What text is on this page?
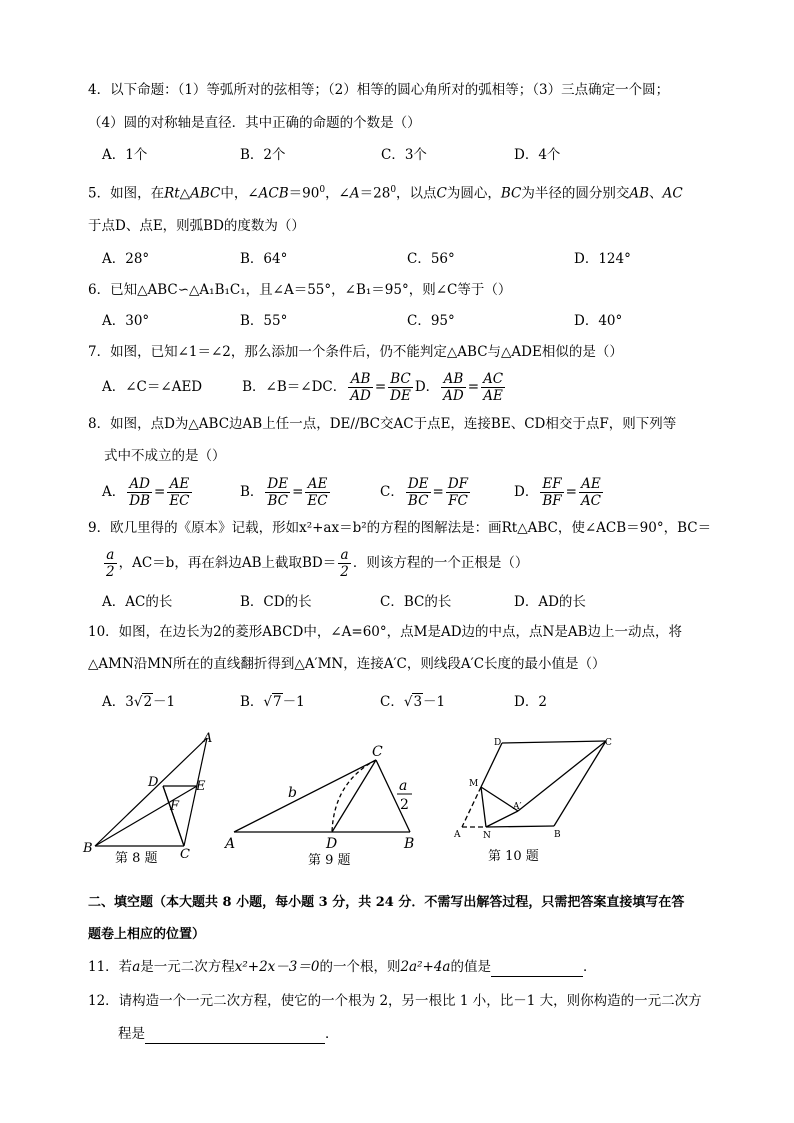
4．以下命题：（1）等弧所对的弦相等；（2）相等的圆心角所对的弧相等；（3）三点确定一个圆；
（4）圆的对称轴是直径．其中正确的命题的个数是（）
A．1个	B．2个	C．3个	D．4个
5．如图，在Rt△ABC中，$\angle ACB=90^0$，$\angle A=28^0$，以点C为圆心，BC为半径的圆分别交AB、AC
于点D、点E，则弧BD的度数为（）
A．28°	B．64°	C．56°	D．124°
6．已知△ABC∽△A₁B₁C₁，且∠A＝55°，∠B₁＝95°，则∠C等于（）
A．30°	B．55°	C．95°	D．40°
7．如图，已知∠1＝∠2，那么添加一个条件后，仍不能判定△ABC与△ADE相似的是（）
A．∠C＝∠AED	B．∠B＝∠DC． $\frac{AB}{AD} = \frac{BC}{DE}$ D． $\frac{AB}{AD} = \frac{AC}{AE}$
8．如图，点D为△ABC边AB上任一点，DE//BC交AC于点E，连接BE、CD相交于点F，则下列等
式中不成立的是（）
A． $\frac{AD}{DB} = \frac{AE}{EC}$	B． $\frac{DE}{BC} = \frac{AE}{EC}$	C． $\frac{DE}{BC} = \frac{DF}{FC}$	D． $\frac{EF}{BF} = \frac{AE}{AC}$
9．欧几里得的《原本》记载，形如x²+ax＝b²的方程的图解法是：画Rt△ABC，使∠ACB＝90°，BC＝
$\frac{a}{2}$ ，AC＝b，再在斜边AB上截取$BD= \frac{a}{2}$ ．则该方程的一个正根是（）
A．AC的长	B．CD的长	C．BC的长	D．AD的长
10．如图，在边长为2的菱形ABCD中，∠A=60°，点M是AD边的中点，点N是AB边上一动点，将
△AMN沿MN所在的直线翻折得到△A′MN，连接A′C，则线段A′C长度的最小值是（）
A．3√2－1	B．√7－1	C．√3－1	D．2
A
B	C
D	E
F
第 8 题
C
b	a
2
A	D	B
第 9 题
D	C
M
A′
A	N	B
第 10 题
二、填空题（本大题共 8 小题，每小题 3 分，共 24 分．不需写出解答过程，只需把答案直接填写在答
题卷上相应的位置）
11．若a是一元二次方程x²+2x－3＝0的一个根，则2a²+4a的值是	．
12．请构造一个一元二次方程，使它的一个根为 2，另一根比 1 小，比－1 大，则你构造的一元二次方
程是	．
